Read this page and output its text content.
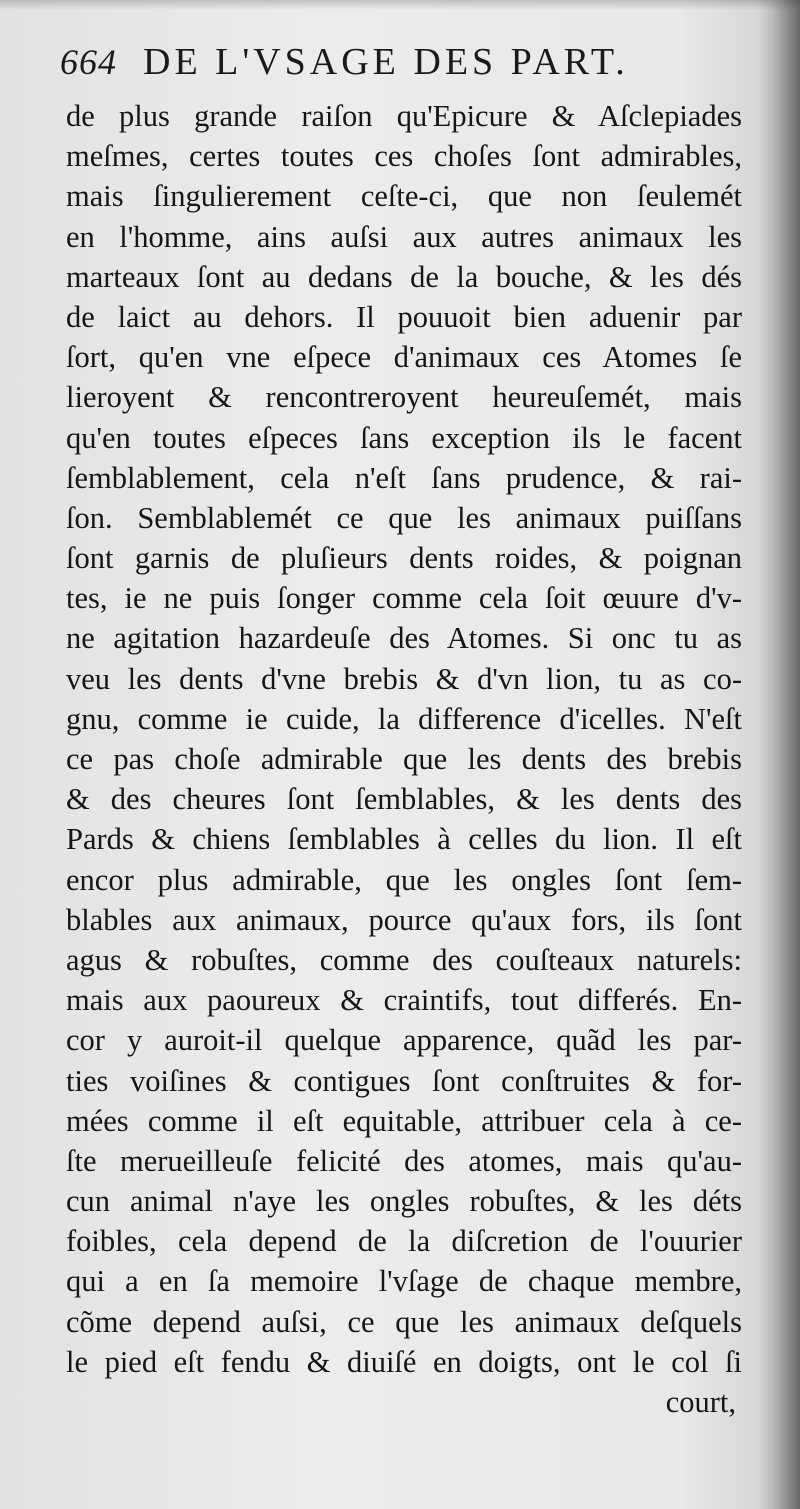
664 DE L'VSAGE DES PART.
de plus grande raiſon qu'Epicure & Aſclepiades
meſmes, certes toutes ces choſes ſont admirables,
mais ſingulierement ceſte-ci, que non ſeulemét
en l'homme, ains auſsi aux autres animaux les
marteaux ſont au dedans de la bouche, & les dés
de laict au dehors. Il pouuoit bien aduenir par
ſort, qu'en vne eſpece d'animaux ces Atomes ſe
lieroyent & rencontreroyent heureuſemét, mais
qu'en toutes eſpeces ſans exception ils le facent
ſemblablement, cela n'eſt ſans prudence, & rai-
ſon. Semblablemét ce que les animaux puiſſans
ſont garnis de pluſieurs dents roides, & poignan
tes, ie ne puis ſonger comme cela ſoit œuure d'v-
ne agitation hazardeuſe des Atomes. Si onc tu as
veu les dents d'vne brebis & d'vn lion, tu as co-
gnu, comme ie cuide, la difference d'icelles. N'eſt
ce pas choſe admirable que les dents des brebis
& des cheures ſont ſemblables, & les dents des
Pards & chiens ſemblables à celles du lion. Il eſt
encor plus admirable, que les ongles ſont ſem-
blables aux animaux, pource qu'aux fors, ils ſont
agus & robuſtes, comme des couſteaux naturels:
mais aux paoureux & craintifs, tout differés. En-
cor y auroit-il quelque apparence, quãd les par-
ties voiſines & contigues ſont conſtruites & for-
mées comme il eſt equitable, attribuer cela à ce-
ſte merueilleuſe felicité des atomes, mais qu'au-
cun animal n'aye les ongles robuſtes, & les déts
foibles, cela depend de la diſcretion de l'ouurier
qui a en ſa memoire l'vſage de chaque membre,
cõme depend auſsi, ce que les animaux deſquels
le pied eſt fendu & diuiſé en doigts, ont le col ſi
court,
